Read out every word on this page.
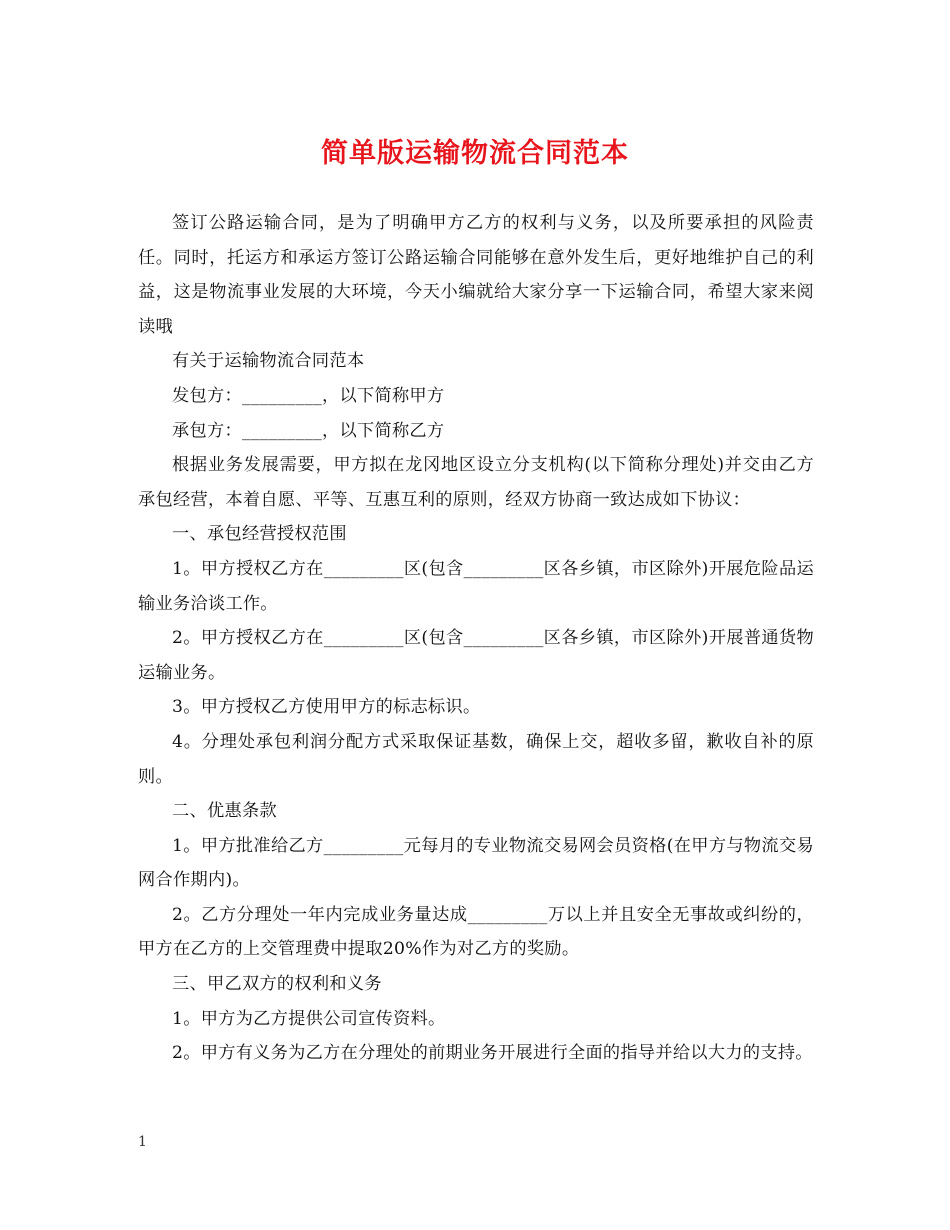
简单版运输物流合同范本

签订公路运输合同，是为了明确甲方乙方的权利与义务，以及所要承担的风险责任。同时，托运方和承运方签订公路运输合同能够在意外发生后，更好地维护自己的利益，这是物流事业发展的大环境，今天小编就给大家分享一下运输合同，希望大家来阅读哦

有关于运输物流合同范本

发包方：_________，以下简称甲方

承包方：_________，以下简称乙方

根据业务发展需要，甲方拟在龙冈地区设立分支机构(以下简称分理处)并交由乙方承包经营，本着自愿、平等、互惠互利的原则，经双方协商一致达成如下协议：

一、承包经营授权范围

1。甲方授权乙方在_________区(包含_________区各乡镇，市区除外)开展危险品运输业务洽谈工作。

2。甲方授权乙方在_________区(包含_________区各乡镇，市区除外)开展普通货物运输业务。

3。甲方授权乙方使用甲方的标志标识。

4。分理处承包利润分配方式采取保证基数，确保上交，超收多留，歉收自补的原则。

二、优惠条款

1。甲方批准给乙方_________元每月的专业物流交易网会员资格(在甲方与物流交易网合作期内)。

2。乙方分理处一年内完成业务量达成_________万以上并且安全无事故或纠纷的，甲方在乙方的上交管理费中提取20%作为对乙方的奖励。

三、甲乙双方的权利和义务

1。甲方为乙方提供公司宣传资料。

2。甲方有义务为乙方在分理处的前期业务开展进行全面的指导并给以大力的支持。

1
